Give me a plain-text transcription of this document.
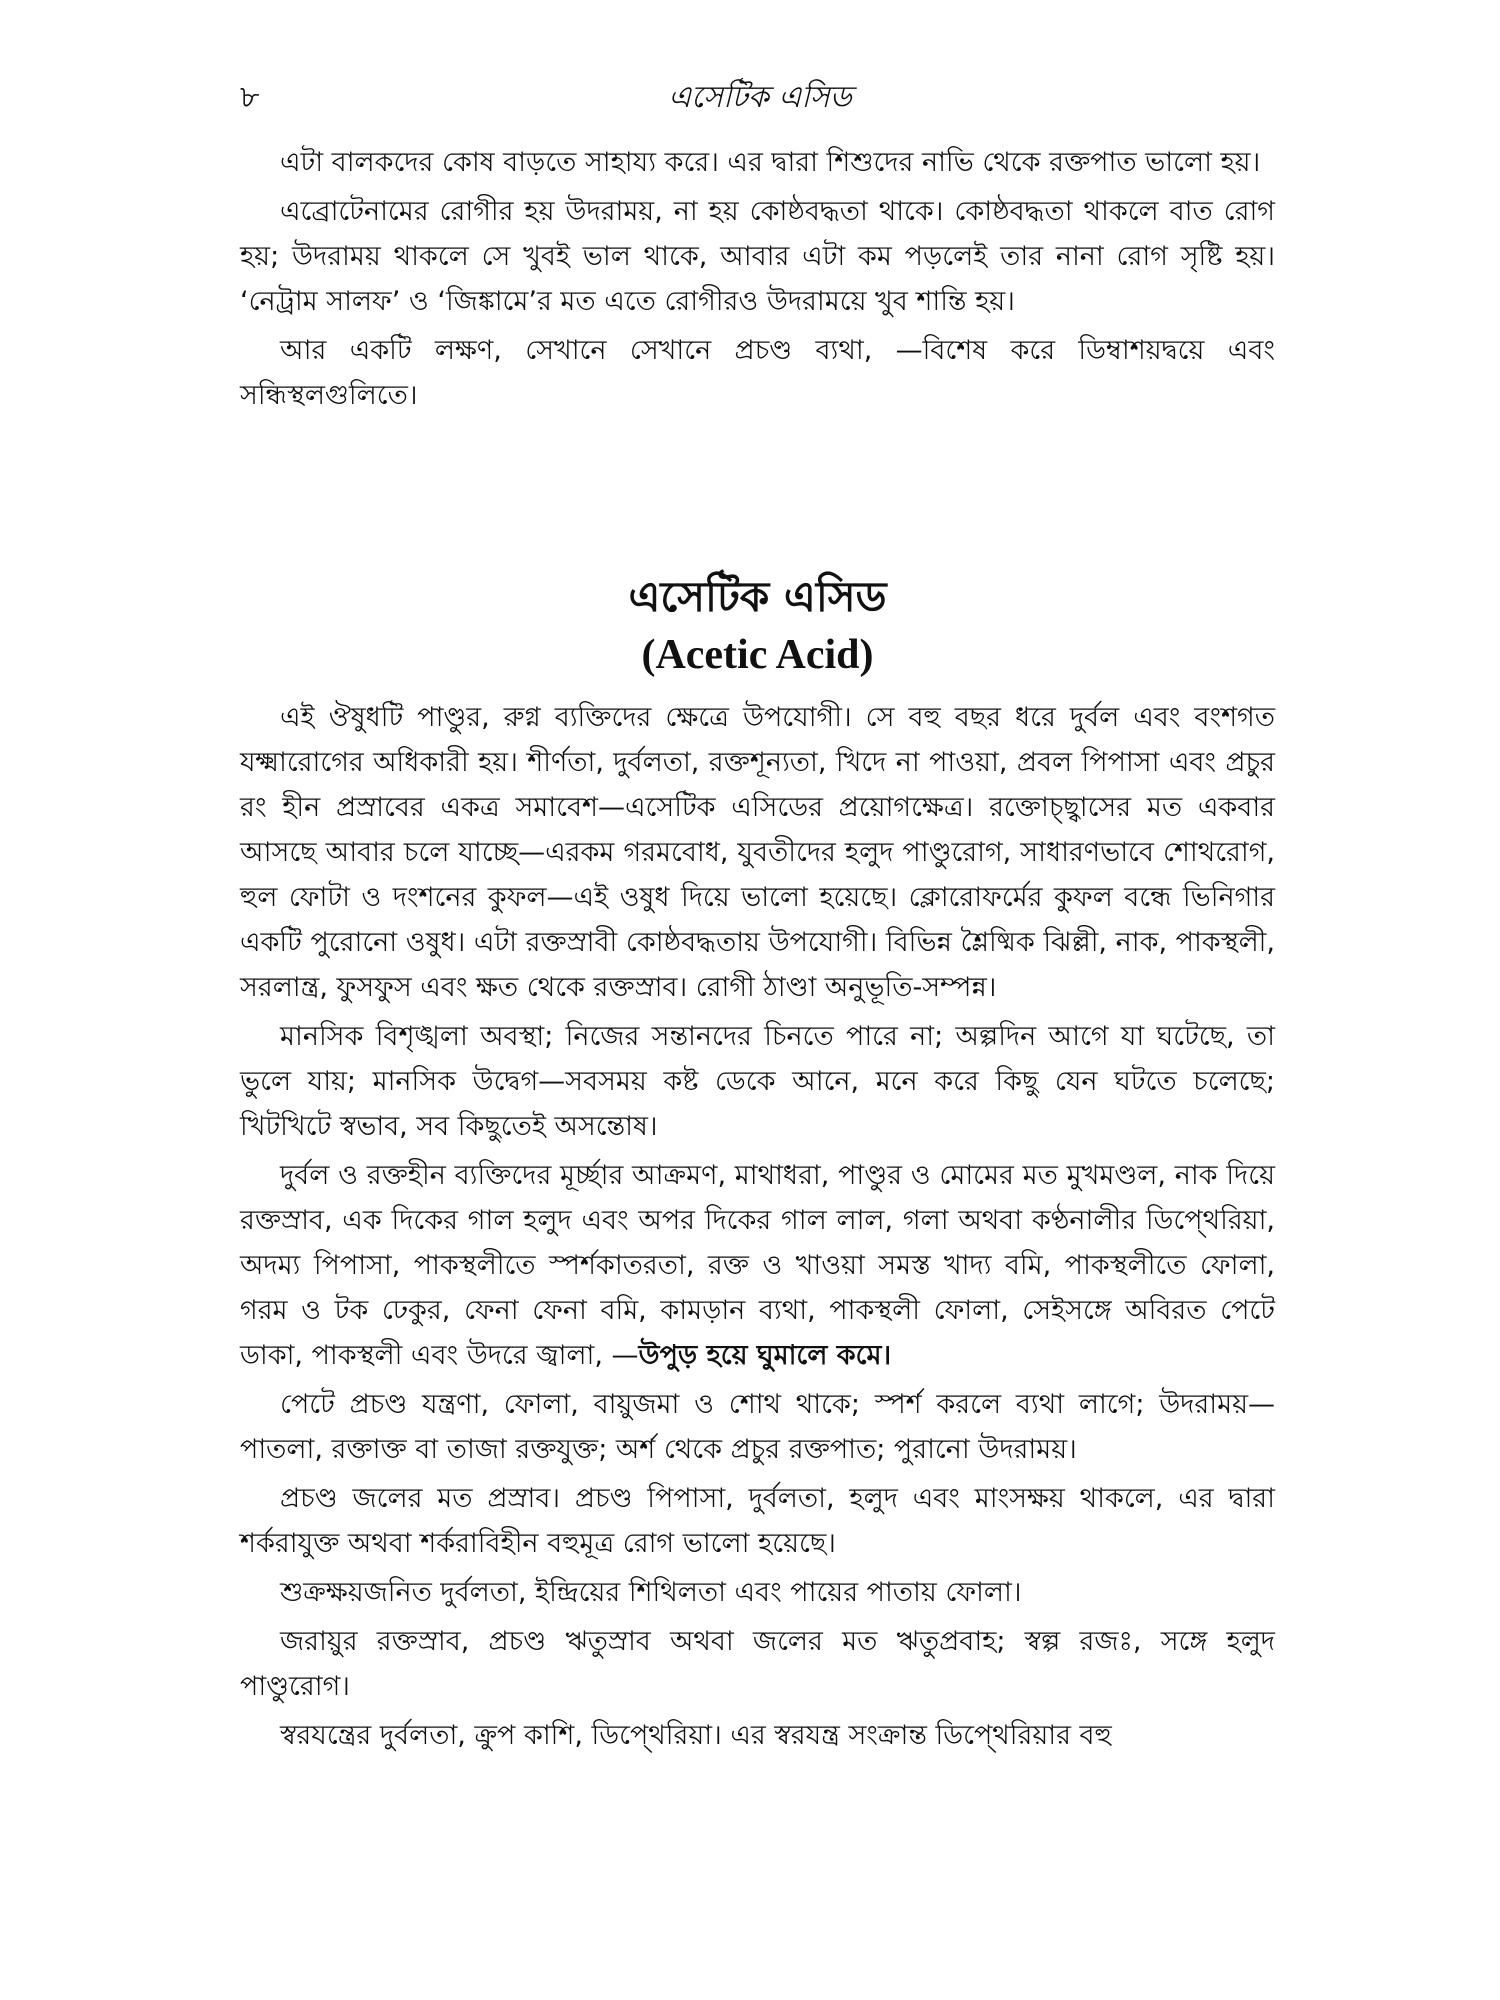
৮	এসেটিক এসিড

এটা বালকদের কোষ বাড়তে সাহায্য করে। এর দ্বারা শিশুদের নাভি থেকে রক্তপাত ভালো হয়।

এব্রোটেনামের রোগীর হয় উদরাময়, না হয় কোষ্ঠবদ্ধতা থাকে। কোষ্ঠবদ্ধতা থাকলে বাত রোগ হয়; উদরাময় থাকলে সে খুবই ভাল থাকে, আবার এটা কম পড়লেই তার নানা রোগ সৃষ্টি হয়। ‘নেট্রাম সালফ’ ও ‘জিঙ্কামে’র মত এতে রোগীরও উদরাময়ে খুব শান্তি হয়।

আর একটি লক্ষণ, সেখানে সেখানে প্রচণ্ড ব্যথা, —বিশেষ করে ডিম্বাশয়দ্বয়ে এবং সন্ধিস্থলগুলিতে।

এসেটিক এসিড

(Acetic Acid)

এই ঔষুধটি পাণ্ডুর, রুগ্ন ব্যক্তিদের ক্ষেত্রে উপযোগী। সে বহু বছর ধরে দুর্বল এবং বংশগত যক্ষ্মারোগের অধিকারী হয়। শীর্ণতা, দুর্বলতা, রক্তশূন্যতা, খিদে না পাওয়া, প্রবল পিপাসা এবং প্রচুর রং হীন প্রস্রাবের একত্র সমাবেশ—এসেটিক এসিডের প্রয়োগক্ষেত্র। রক্তোচ্ছ্বাসের মত একবার আসছে আবার চলে যাচ্ছে—এরকম গরমবোধ, যুবতীদের হলুদ পাণ্ডুরোগ, সাধারণভাবে শোথরোগ, হুল ফোটা ও দংশনের কুফল—এই ওষুধ দিয়ে ভালো হয়েছে। ক্লোরোফর্মের কুফল বন্ধে ভিনিগার একটি পুরোনো ওষুধ। এটা রক্তস্রাবী কোষ্ঠবদ্ধতায় উপযোগী। বিভিন্ন শ্লৈষ্মিক ঝিল্লী, নাক, পাকস্থলী, সরলান্ত্র, ফুসফুস এবং ক্ষত থেকে রক্তস্রাব। রোগী ঠাণ্ডা অনুভূতি-সম্পন্ন।

মানসিক বিশৃঙ্খলা অবস্থা; নিজের সন্তানদের চিনতে পারে না; অল্পদিন আগে যা ঘটেছে, তা ভুলে যায়; মানসিক উদ্বেগ—সবসময় কষ্ট ডেকে আনে, মনে করে কিছু যেন ঘটতে চলেছে; খিটখিটে স্বভাব, সব কিছুতেই অসন্তোষ।

দুর্বল ও রক্তহীন ব্যক্তিদের মূর্চ্ছার আক্রমণ, মাথাধরা, পাণ্ডুর ও মোমের মত মুখমণ্ডল, নাক দিয়ে রক্তস্রাব, এক দিকের গাল হলুদ এবং অপর দিকের গাল লাল, গলা অথবা কণ্ঠনালীর ডিপ্থেরিয়া, অদম্য পিপাসা, পাকস্থলীতে স্পর্শকাতরতা, রক্ত ও খাওয়া সমস্ত খাদ্য বমি, পাকস্থলীতে ফোলা, গরম ও টক ঢেকুর, ফেনা ফেনা বমি, কামড়ান ব্যথা, পাকস্থলী ফোলা, সেইসঙ্গে অবিরত পেটে ডাকা, পাকস্থলী এবং উদরে জ্বালা, —উপুড় হয়ে ঘুমালে কমে।

পেটে প্রচণ্ড যন্ত্রণা, ফোলা, বায়ুজমা ও শোথ থাকে; স্পর্শ করলে ব্যথা লাগে; উদরাময়—পাতলা, রক্তাক্ত বা তাজা রক্তযুক্ত; অর্শ থেকে প্রচুর রক্তপাত; পুরানো উদরাময়।

প্রচণ্ড জলের মত প্রস্রাব। প্রচণ্ড পিপাসা, দুর্বলতা, হলুদ এবং মাংসক্ষয় থাকলে, এর দ্বারা শর্করাযুক্ত অথবা শর্করাবিহীন বহুমূত্র রোগ ভালো হয়েছে।

শুক্রক্ষয়জনিত দুর্বলতা, ইন্দ্রিয়ের শিথিলতা এবং পায়ের পাতায় ফোলা।

জরায়ুর রক্তস্রাব, প্রচণ্ড ঋতুস্রাব অথবা জলের মত ঋতুপ্রবাহ; স্বল্প রজঃ, সঙ্গে হলুদ পাণ্ডুরোগ।

স্বরযন্ত্রের দুর্বলতা, ক্রুপ কাশি, ডিপ্থেরিয়া। এর স্বরযন্ত্র সংক্রান্ত ডিপ্থেরিয়ার বহু
